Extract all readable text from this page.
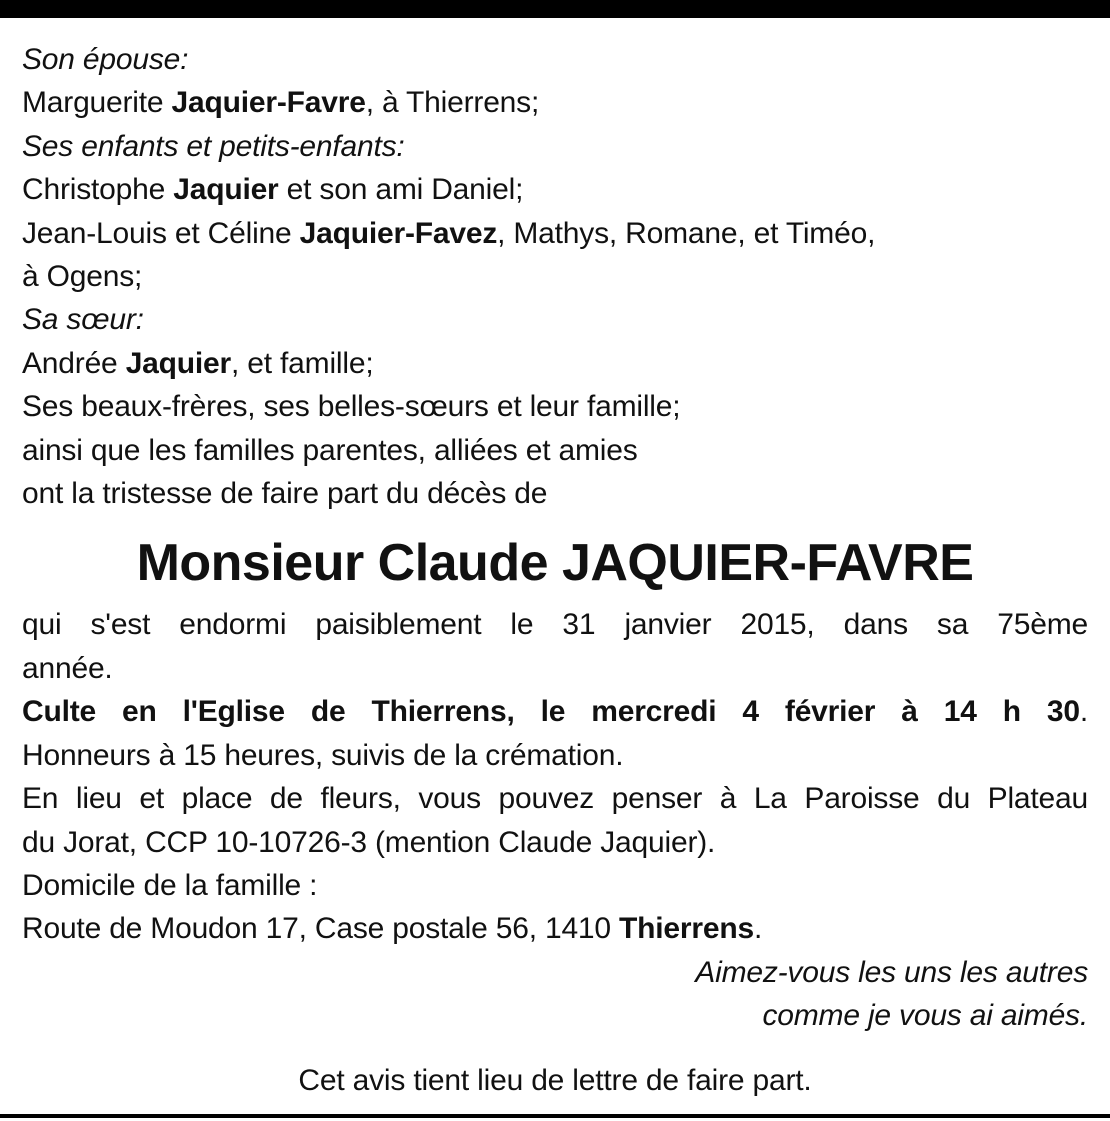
Son épouse:
Marguerite Jaquier-Favre, à Thierrens;
Ses enfants et petits-enfants:
Christophe Jaquier et son ami Daniel;
Jean-Louis et Céline Jaquier-Favez, Mathys, Romane, et Timéo,
à Ogens;
Sa sœur:
Andrée Jaquier, et famille;
Ses beaux-frères, ses belles-sœurs et leur famille;
ainsi que les familles parentes, alliées et amies
ont la tristesse de faire part du décès de
Monsieur Claude JAQUIER-FAVRE
qui s'est endormi paisiblement le 31 janvier 2015, dans sa 75ème
année.
Culte en l'Eglise de Thierrens, le mercredi 4 février à 14 h 30.
Honneurs à 15 heures, suivis de la crémation.
En lieu et place de fleurs, vous pouvez penser à La Paroisse du Plateau
du Jorat, CCP 10-10726-3 (mention Claude Jaquier).
Domicile de la famille :
Route de Moudon 17, Case postale 56, 1410 Thierrens.
Aimez-vous les uns les autres
comme je vous ai aimés.
Cet avis tient lieu de lettre de faire part.
